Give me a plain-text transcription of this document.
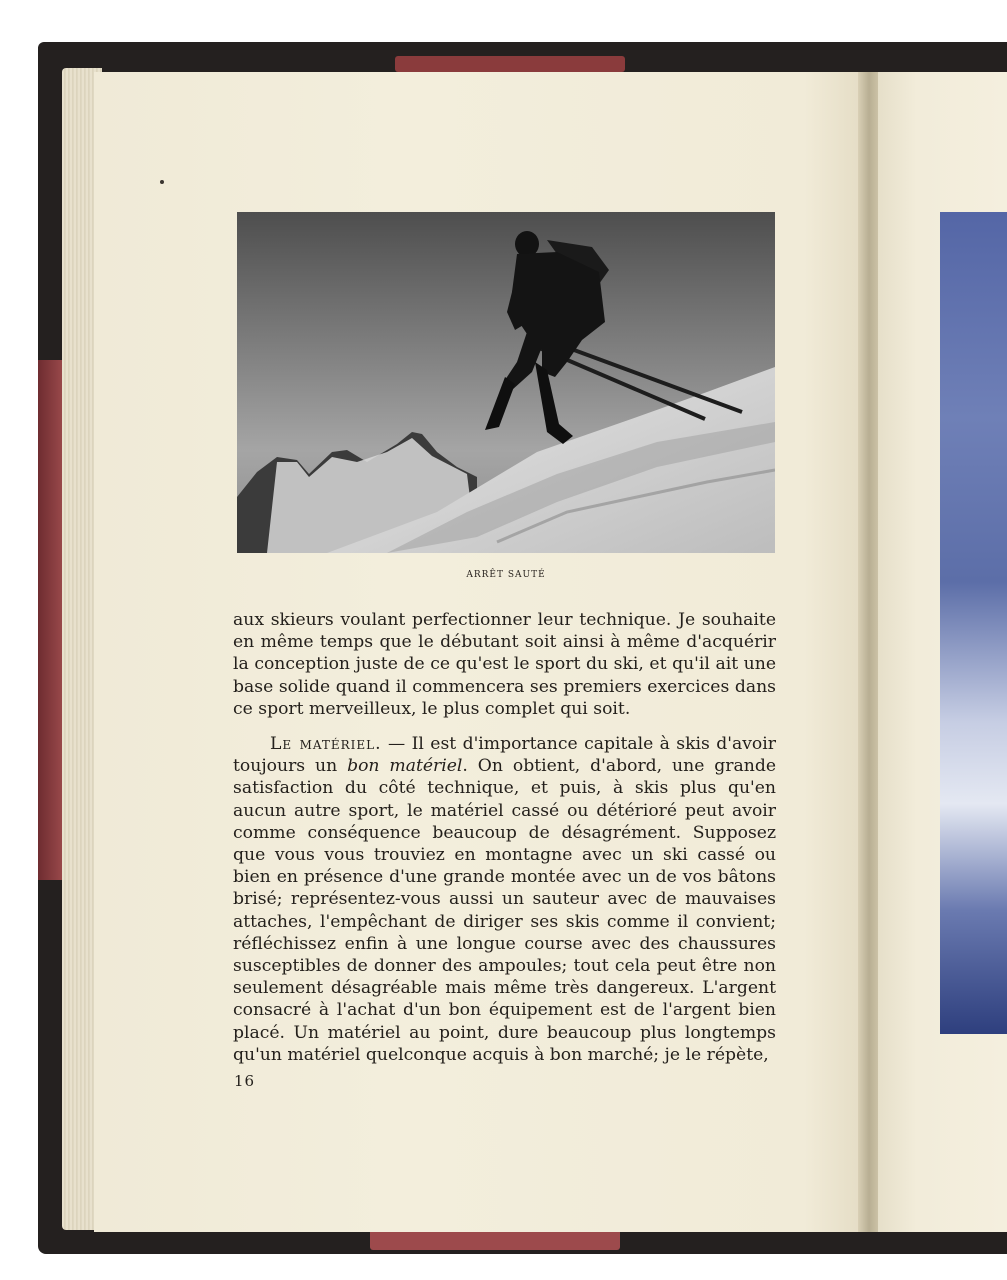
ARRÊT SAUTÉ

aux skieurs voulant perfectionner leur technique. Je souhaite en même temps que le débutant soit ainsi à même d'acquérir la conception juste de ce qu'est le sport du ski, et qu'il ait une base solide quand il commencera ses premiers exercices dans ce sport merveilleux, le plus complet qui soit.

Le matériel. — Il est d'importance capitale à skis d'avoir toujours un bon matériel. On obtient, d'abord, une grande satisfaction du côté technique, et puis, à skis plus qu'en aucun autre sport, le matériel cassé ou détérioré peut avoir comme conséquence beaucoup de désagrément. Supposez que vous vous trouviez en montagne avec un ski cassé ou bien en présence d'une grande montée avec un de vos bâtons brisé; représentez-vous aussi un sauteur avec de mauvaises attaches, l'empêchant de diriger ses skis comme il convient; réfléchissez enfin à une longue course avec des chaussures susceptibles de donner des ampoules; tout cela peut être non seulement désagréable mais même très dangereux. L'argent consacré à l'achat d'un bon équipement est de l'argent bien placé. Un matériel au point, dure beaucoup plus longtemps qu'un matériel quelconque acquis à bon marché; je le répète,

16
